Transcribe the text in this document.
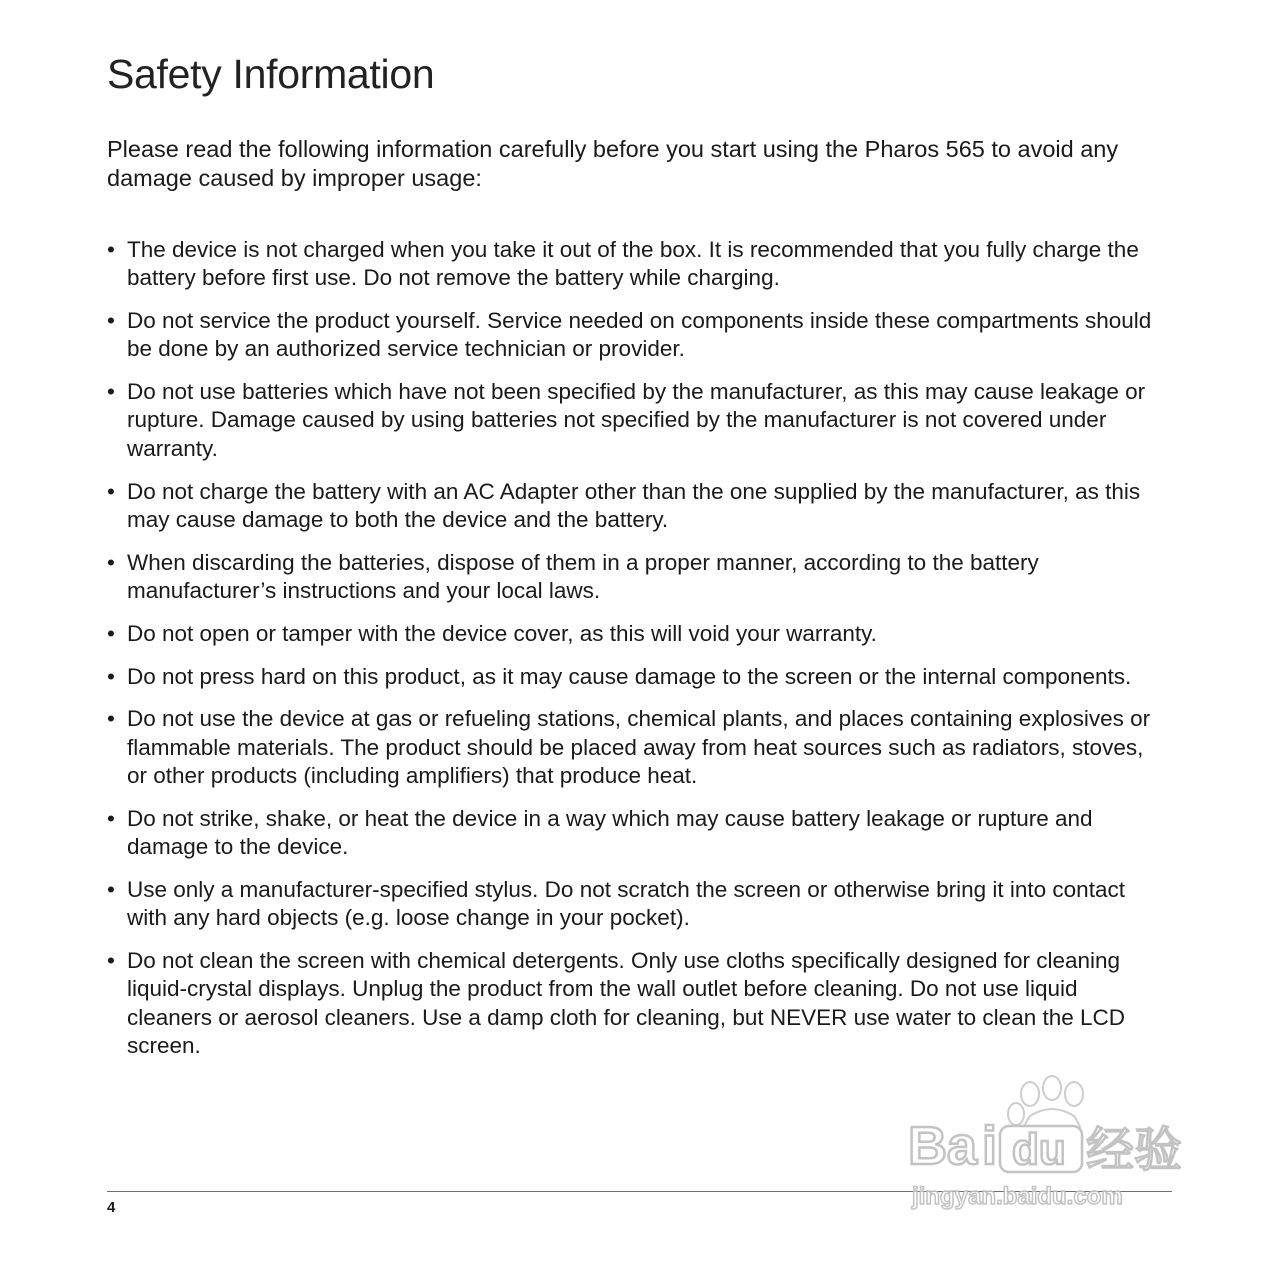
Safety Information

Please read the following information carefully before you start using the Pharos 565 to avoid any damage caused by improper usage:

• The device is not charged when you take it out of the box. It is recommended that you fully charge the battery before first use. Do not remove the battery while charging.
• Do not service the product yourself. Service needed on components inside these compartments should be done by an authorized service technician or provider.
• Do not use batteries which have not been specified by the manufacturer, as this may cause leakage or rupture. Damage caused by using batteries not specified by the manufacturer is not covered under warranty.
• Do not charge the battery with an AC Adapter other than the one supplied by the manufacturer, as this may cause damage to both the device and the battery.
• When discarding the batteries, dispose of them in a proper manner, according to the battery manufacturer’s instructions and your local laws.
• Do not open or tamper with the device cover, as this will void your warranty.
• Do not press hard on this product, as it may cause damage to the screen or the internal components.
• Do not use the device at gas or refueling stations, chemical plants, and places containing explosives or flammable materials. The product should be placed away from heat sources such as radiators, stoves, or other products (including amplifiers) that produce heat.
• Do not strike, shake, or heat the device in a way which may cause battery leakage or rupture and damage to the device.
• Use only a manufacturer-specified stylus. Do not scratch the screen or otherwise bring it into contact with any hard objects (e.g. loose change in your pocket).
• Do not clean the screen with chemical detergents. Only use cloths specifically designed for cleaning liquid-crystal displays. Unplug the product from the wall outlet before cleaning. Do not use liquid cleaners or aerosol cleaners. Use a damp cloth for cleaning, but NEVER use water to clean the LCD screen.
4
Ba i du 经验
jingyan.baidu.com
